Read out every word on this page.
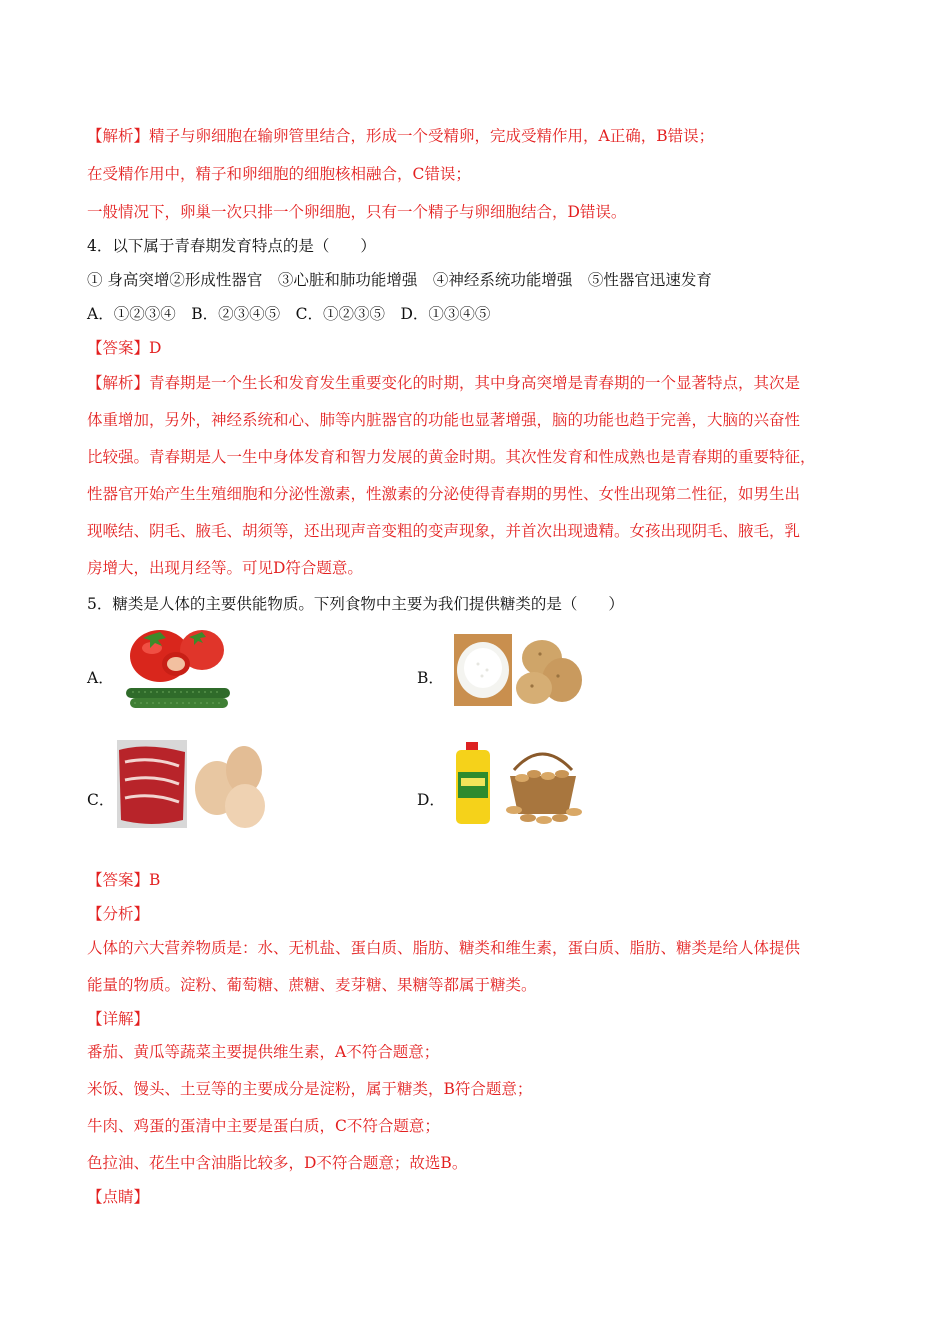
【解析】精子与卵细胞在输卵管里结合，形成一个受精卵，完成受精作用，A正确，B错误；
在受精作用中，精子和卵细胞的细胞核相融合，C错误；
一般情况下，卵巢一次只排一个卵细胞，只有一个精子与卵细胞结合，D错误。
4．以下属于青春期发育特点的是（　　）
① 身高突增②形成性器官　③心脏和肺功能增强　④神经系统功能增强　⑤性器官迅速发育
A．①②③④　B．②③④⑤　C．①②③⑤　D．①③④⑤
【答案】D
【解析】青春期是一个生长和发育发生重要变化的时期，其中身高突增是青春期的一个显著特点，其次是
体重增加，另外，神经系统和心、肺等内脏器官的功能也显著增强，脑的功能也趋于完善，大脑的兴奋性
比较强。青春期是人一生中身体发育和智力发展的黄金时期。其次性发育和性成熟也是青春期的重要特征，
性器官开始产生生殖细胞和分泌性激素，性激素的分泌使得青春期的男性、女性出现第二性征，如男生出
现喉结、阴毛、腋毛、胡须等，还出现声音变粗的变声现象，并首次出现遗精。女孩出现阴毛、腋毛，乳
房增大，出现月经等。可见D符合题意。
5．糖类是人体的主要供能物质。下列食物中主要为我们提供糖类的是（　　）
A．	B．
C．	D．
【答案】B
【分析】
人体的六大营养物质是：水、无机盐、蛋白质、脂肪、糖类和维生素，蛋白质、脂肪、糖类是给人体提供
能量的物质。淀粉、葡萄糖、蔗糖、麦芽糖、果糖等都属于糖类。
【详解】
番茄、黄瓜等蔬菜主要提供维生素，A不符合题意；
米饭、馒头、土豆等的主要成分是淀粉，属于糖类，B符合题意；
牛肉、鸡蛋的蛋清中主要是蛋白质，C不符合题意；
色拉油、花生中含油脂比较多，D不符合题意；故选B。
【点睛】
